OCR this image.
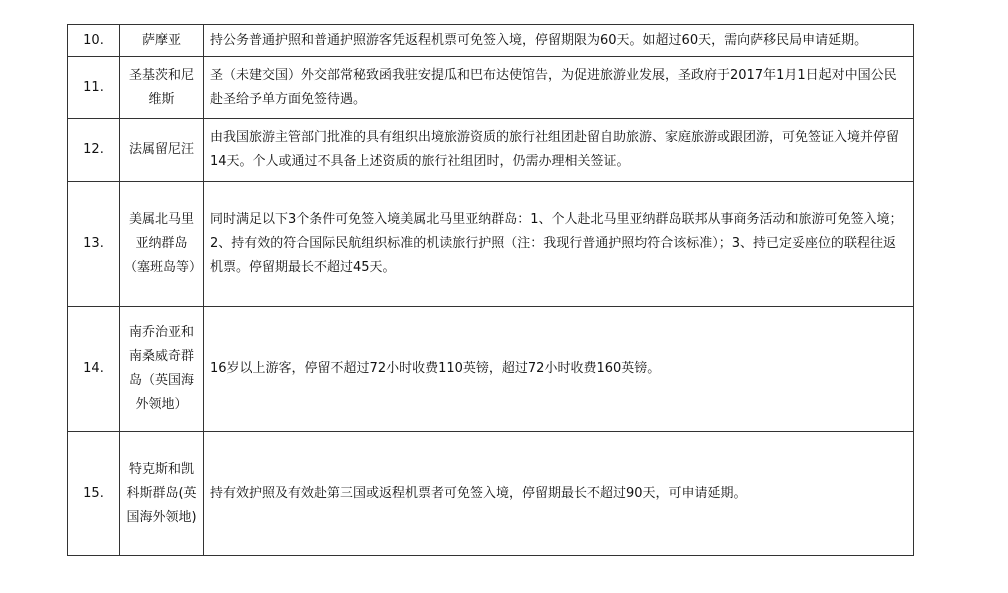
10.	萨摩亚	持公务普通护照和普通护照游客凭返程机票可免签入境，停留期限为60天。如超过60天，需向萨移民局申请延期。
11.	圣基茨和尼维斯	圣（未建交国）外交部常秘致函我驻安提瓜和巴布达使馆告，为促进旅游业发展，圣政府于2017年1月1日起对中国公民赴圣给予单方面免签待遇。
12.	法属留尼汪	由我国旅游主管部门批准的具有组织出境旅游资质的旅行社组团赴留自助旅游、家庭旅游或跟团游，可免签证入境并停留14天。个人或通过不具备上述资质的旅行社组团时，仍需办理相关签证。
13.	美属北马里亚纳群岛（塞班岛等）	同时满足以下3个条件可免签入境美属北马里亚纳群岛：1、个人赴北马里亚纳群岛联邦从事商务活动和旅游可免签入境；2、持有效的符合国际民航组织标准的机读旅行护照（注：我现行普通护照均符合该标准）；3、持已定妥座位的联程往返机票。停留期最长不超过45天。
14.	南乔治亚和南桑威奇群岛（英国海外领地）	16岁以上游客，停留不超过72小时收费110英镑，超过72小时收费160英镑。
15.	特克斯和凯科斯群岛(英国海外领地)	持有效护照及有效赴第三国或返程机票者可免签入境，停留期最长不超过90天，可申请延期。
